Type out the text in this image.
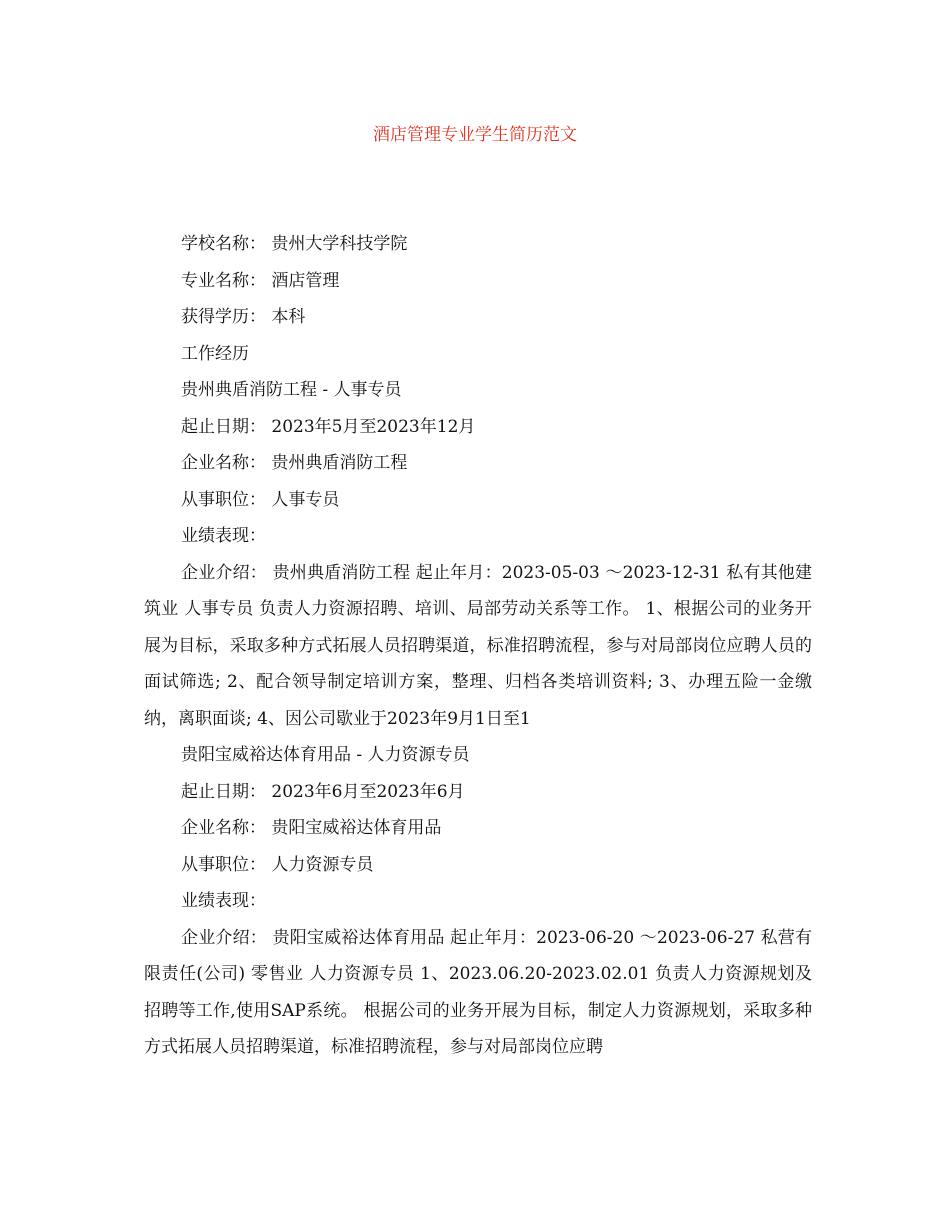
酒店管理专业学生简历范文

学校名称： 贵州大学科技学院

专业名称： 酒店管理

获得学历： 本科

工作经历

贵州典盾消防工程 - 人事专员

起止日期： 2023年5月至2023年12月

企业名称： 贵州典盾消防工程

从事职位： 人事专员

业绩表现：

企业介绍： 贵州典盾消防工程 起止年月：2023-05-03 ～2023-12-31 私有其他建筑业 人事专员 负责人力资源招聘、培训、局部劳动关系等工作。 1、根据公司的业务开展为目标，采取多种方式拓展人员招聘渠道，标准招聘流程，参与对局部岗位应聘人员的面试筛选; 2、配合领导制定培训方案，整理、归档各类培训资料; 3、办理五险一金缴纳，离职面谈; 4、因公司歇业于2023年9月1日至1

贵阳宝威裕达体育用品 - 人力资源专员

起止日期： 2023年6月至2023年6月

企业名称： 贵阳宝威裕达体育用品

从事职位： 人力资源专员

业绩表现：

企业介绍： 贵阳宝威裕达体育用品 起止年月：2023-06-20 ～2023-06-27 私营有限责任(公司) 零售业 人力资源专员 1、2023.06.20-2023.02.01 负责人力资源规划及招聘等工作,使用SAP系统。 根据公司的业务开展为目标，制定人力资源规划，采取多种方式拓展人员招聘渠道，标准招聘流程，参与对局部岗位应聘
